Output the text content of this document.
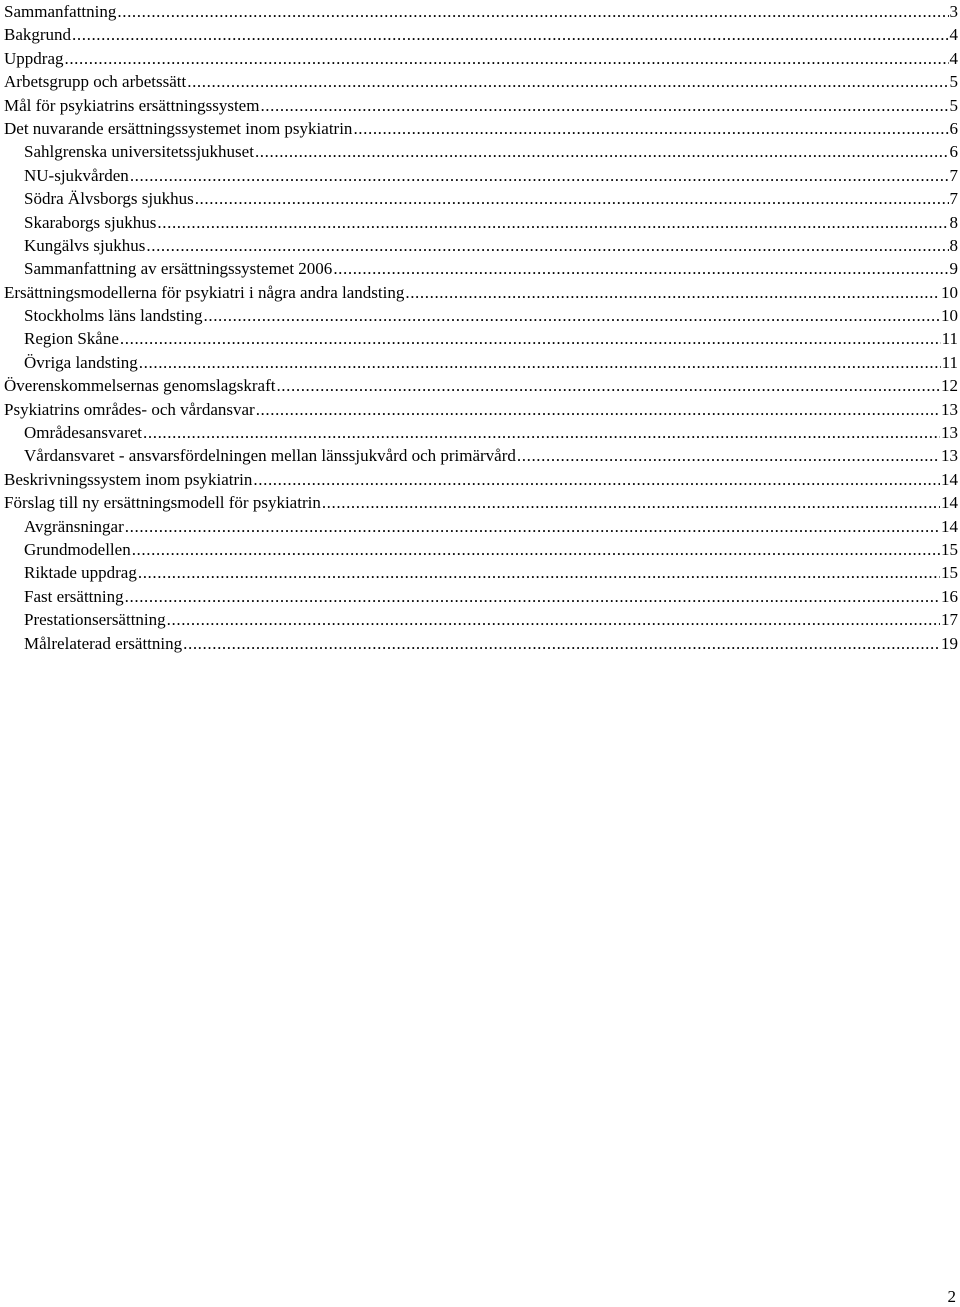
Sammanfattning .....	3
Bakgrund .....	4
Uppdrag .....	4
Arbetsgrupp och arbetssätt .....	5
Mål för psykiatrins ersättningssystem .....	5
Det nuvarande ersättningssystemet inom psykiatrin .....	6
Sahlgrenska universitetssjukhuset .....	6
NU-sjukvården .....	7
Södra Älvsborgs sjukhus .....	7
Skaraborgs sjukhus .....	8
Kungälvs sjukhus .....	8
Sammanfattning av ersättningssystemet 2006 .....	9
Ersättningsmodellerna för psykiatri i några andra landsting .....	10
Stockholms läns landsting .....	10
Region Skåne .....	11
Övriga landsting .....	11
Överenskommelsernas genomslagskraft .....	12
Psykiatrins områdes- och vårdansvar .....	13
Områdesansvaret .....	13
Vårdansvaret - ansvarsfördelningen mellan länssjukvård och primärvård .....	13
Beskrivningssystem inom psykiatrin .....	14
Förslag till ny ersättningsmodell för psykiatrin .....	14
Avgränsningar .....	14
Grundmodellen .....	15
Riktade uppdrag .....	15
Fast ersättning .....	16
Prestationsersättning .....	17
Målrelaterad ersättning .....	19
2
